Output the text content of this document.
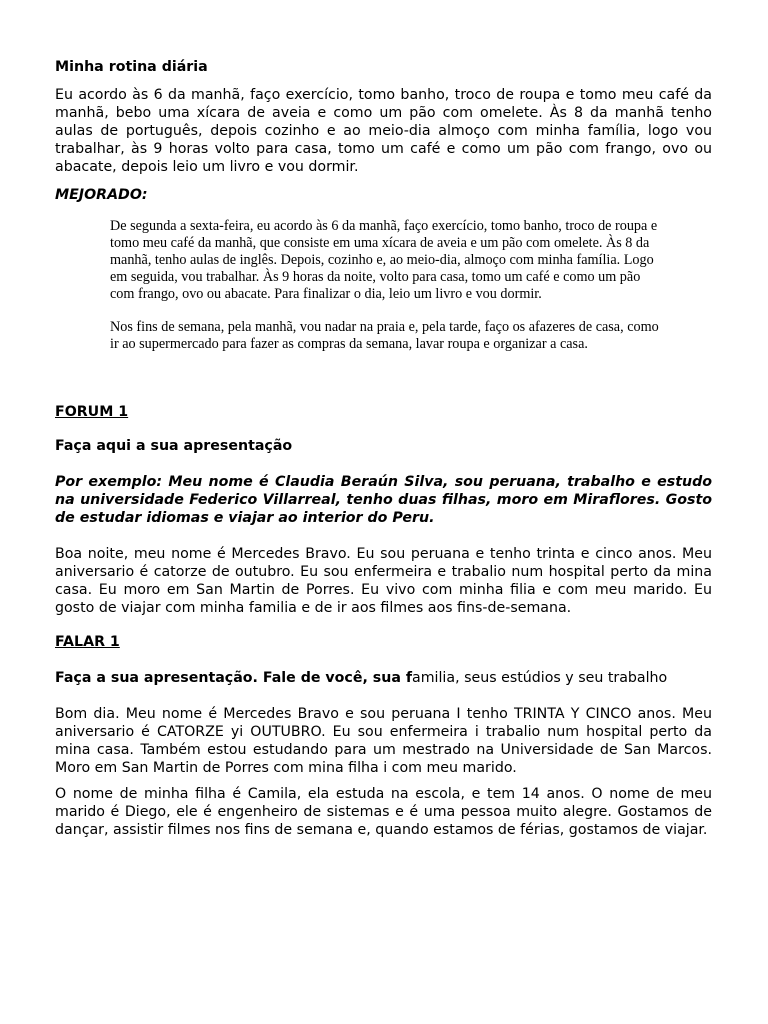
Minha rotina diária

Eu acordo às 6 da manhã, faço exercício, tomo banho, troco de roupa e tomo meu café da manhã, bebo uma xícara de aveia e como um pão com omelete. Às 8 da manhã tenho aulas de português, depois cozinho e ao meio-dia almoço com minha família, logo vou trabalhar, às 9 horas volto para casa, tomo um café e como um pão com frango, ovo ou abacate, depois leio um livro e vou dormir.

MEJORADO:

De segunda a sexta-feira, eu acordo às 6 da manhã, faço exercício, tomo banho, troco de roupa e tomo meu café da manhã, que consiste em uma xícara de aveia e um pão com omelete. Às 8 da manhã, tenho aulas de inglês. Depois, cozinho e, ao meio-dia, almoço com minha família. Logo em seguida, vou trabalhar. Às 9 horas da noite, volto para casa, tomo um café e como um pão com frango, ovo ou abacate. Para finalizar o dia, leio um livro e vou dormir.

Nos fins de semana, pela manhã, vou nadar na praia e, pela tarde, faço os afazeres de casa, como ir ao supermercado para fazer as compras da semana, lavar roupa e organizar a casa.

FORUM 1

Faça aqui a sua apresentação

Por exemplo: Meu nome é Claudia Beraún Silva, sou peruana, trabalho e estudo na universidade Federico Villarreal, tenho duas filhas, moro em Miraflores. Gosto de estudar idiomas e viajar ao interior do Peru.

Boa noite, meu nome é Mercedes Bravo. Eu sou peruana e tenho trinta e cinco anos. Meu aniversario é catorze de outubro. Eu sou enfermeira e trabalio num hospital perto da mina casa. Eu moro em San Martin de Porres. Eu vivo com minha filia e com meu marido. Eu gosto de viajar com minha familia e de ir aos filmes aos fins-de-semana.

FALAR 1

Faça a sua apresentação. Fale de você, sua familia, seus estúdios y seu trabalho

Bom dia. Meu nome é Mercedes Bravo e sou peruana I tenho TRINTA Y CINCO anos. Meu aniversario é CATORZE yi OUTUBRO. Eu sou enfermeira i trabalio num hospital perto da mina casa. Também estou estudando para um mestrado na Universidade de San Marcos. Moro em San Martin de Porres com mina filha i com meu marido.

O nome de minha filha é Camila, ela estuda na escola, e tem 14 anos. O nome de meu marido é Diego, ele é engenheiro de sistemas e é uma pessoa muito alegre. Gostamos de dançar, assistir filmes nos fins de semana e, quando estamos de férias, gostamos de viajar.
